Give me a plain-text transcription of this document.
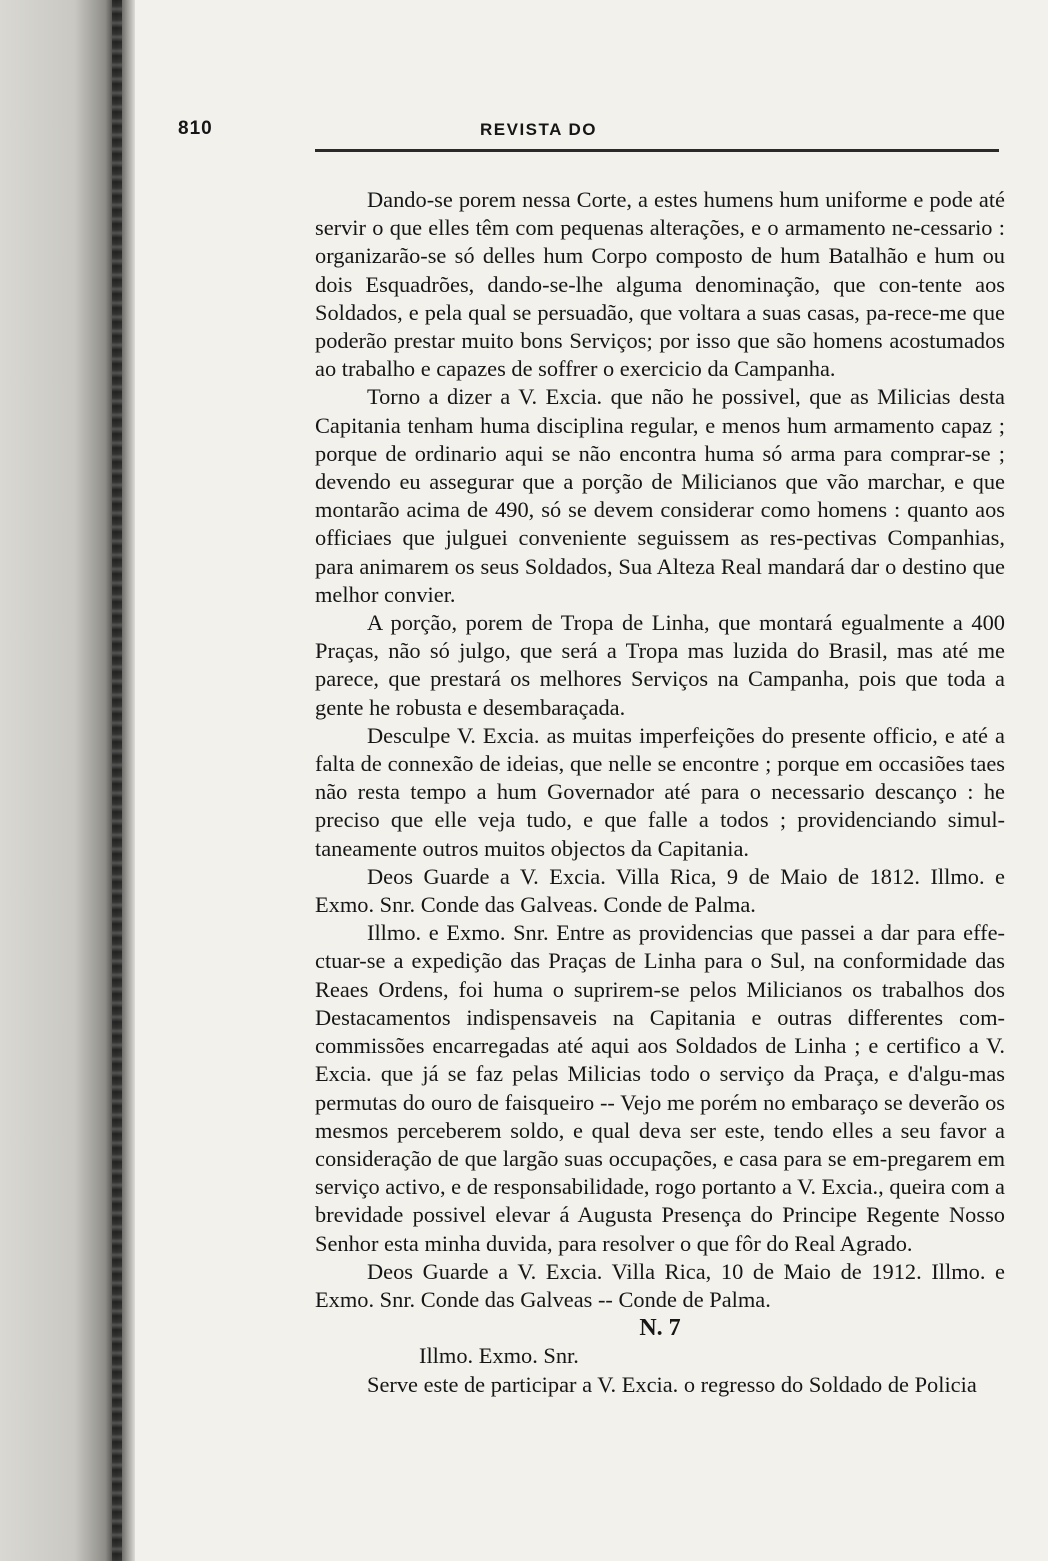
810	REVISTA DO

Dando-se porem nessa Corte, a estes humens hum uniforme e pode até servir o que elles têm com pequenas alterações, e o armamento ne-cessario : organizarão-se só delles hum Corpo composto de hum Batalhão e hum ou dois Esquadrões, dando-se-lhe alguma denominação, que con-tente aos Soldados, e pela qual se persuadão, que voltara a suas casas, pa-rece-me que poderão prestar muito bons Serviços; por isso que são homens acostumados ao trabalho e capazes de soffrer o exercicio da Campanha.

Torno a dizer a V. Excia. que não he possivel, que as Milicias desta Capitania tenham huma disciplina regular, e menos hum armamento capaz ; porque de ordinario aqui se não encontra huma só arma para comprar-se ; devendo eu assegurar que a porção de Milicianos que vão marchar, e que montarão acima de 490, só se devem considerar como homens : quanto aos officiaes que julguei conveniente seguissem as res-pectivas Companhias, para animarem os seus Soldados, Sua Alteza Real mandará dar o destino que melhor convier.

A porção, porem de Tropa de Linha, que montará egualmente a 400 Praças, não só julgo, que será a Tropa mas luzida do Brasil, mas até me parece, que prestará os melhores Serviços na Campanha, pois que toda a gente he robusta e desembaraçada.

Desculpe V. Excia. as muitas imperfeições do presente officio, e até a falta de connexão de ideias, que nelle se encontre ; porque em occasiões taes não resta tempo a hum Governador até para o necessario descanço : he preciso que elle veja tudo, e que falle a todos ; providenciando simul-taneamente outros muitos objectos da Capitania.

Deos Guarde a V. Excia. Villa Rica, 9 de Maio de 1812. Illmo. e Exmo. Snr. Conde das Galveas. Conde de Palma.

Illmo. e Exmo. Snr. Entre as providencias que passei a dar para effe-ctuar-se a expedição das Praças de Linha para o Sul, na conformidade das Reaes Ordens, foi huma o suprirem-se pelos Milicianos os trabalhos dos Destacamentos indispensaveis na Capitania e outras differentes com-commissões encarregadas até aqui aos Soldados de Linha ; e certifico a V. Excia. que já se faz pelas Milicias todo o serviço da Praça, e d'algu-mas permutas do ouro de faisqueiro -- Vejo me porém no embaraço se deverão os mesmos perceberem soldo, e qual deva ser este, tendo elles a seu favor a consideração de que largão suas occupações, e casa para se em-pregarem em serviço activo, e de responsabilidade, rogo portanto a V. Excia., queira com a brevidade possivel elevar á Augusta Presença do Principe Regente Nosso Senhor esta minha duvida, para resolver o que fôr do Real Agrado.

Deos Guarde a V. Excia. Villa Rica, 10 de Maio de 1912. Illmo. e Exmo. Snr. Conde das Galveas -- Conde de Palma.

N. 7

Illmo. Exmo. Snr.

Serve este de participar a V. Excia. o regresso do Soldado de Policia
